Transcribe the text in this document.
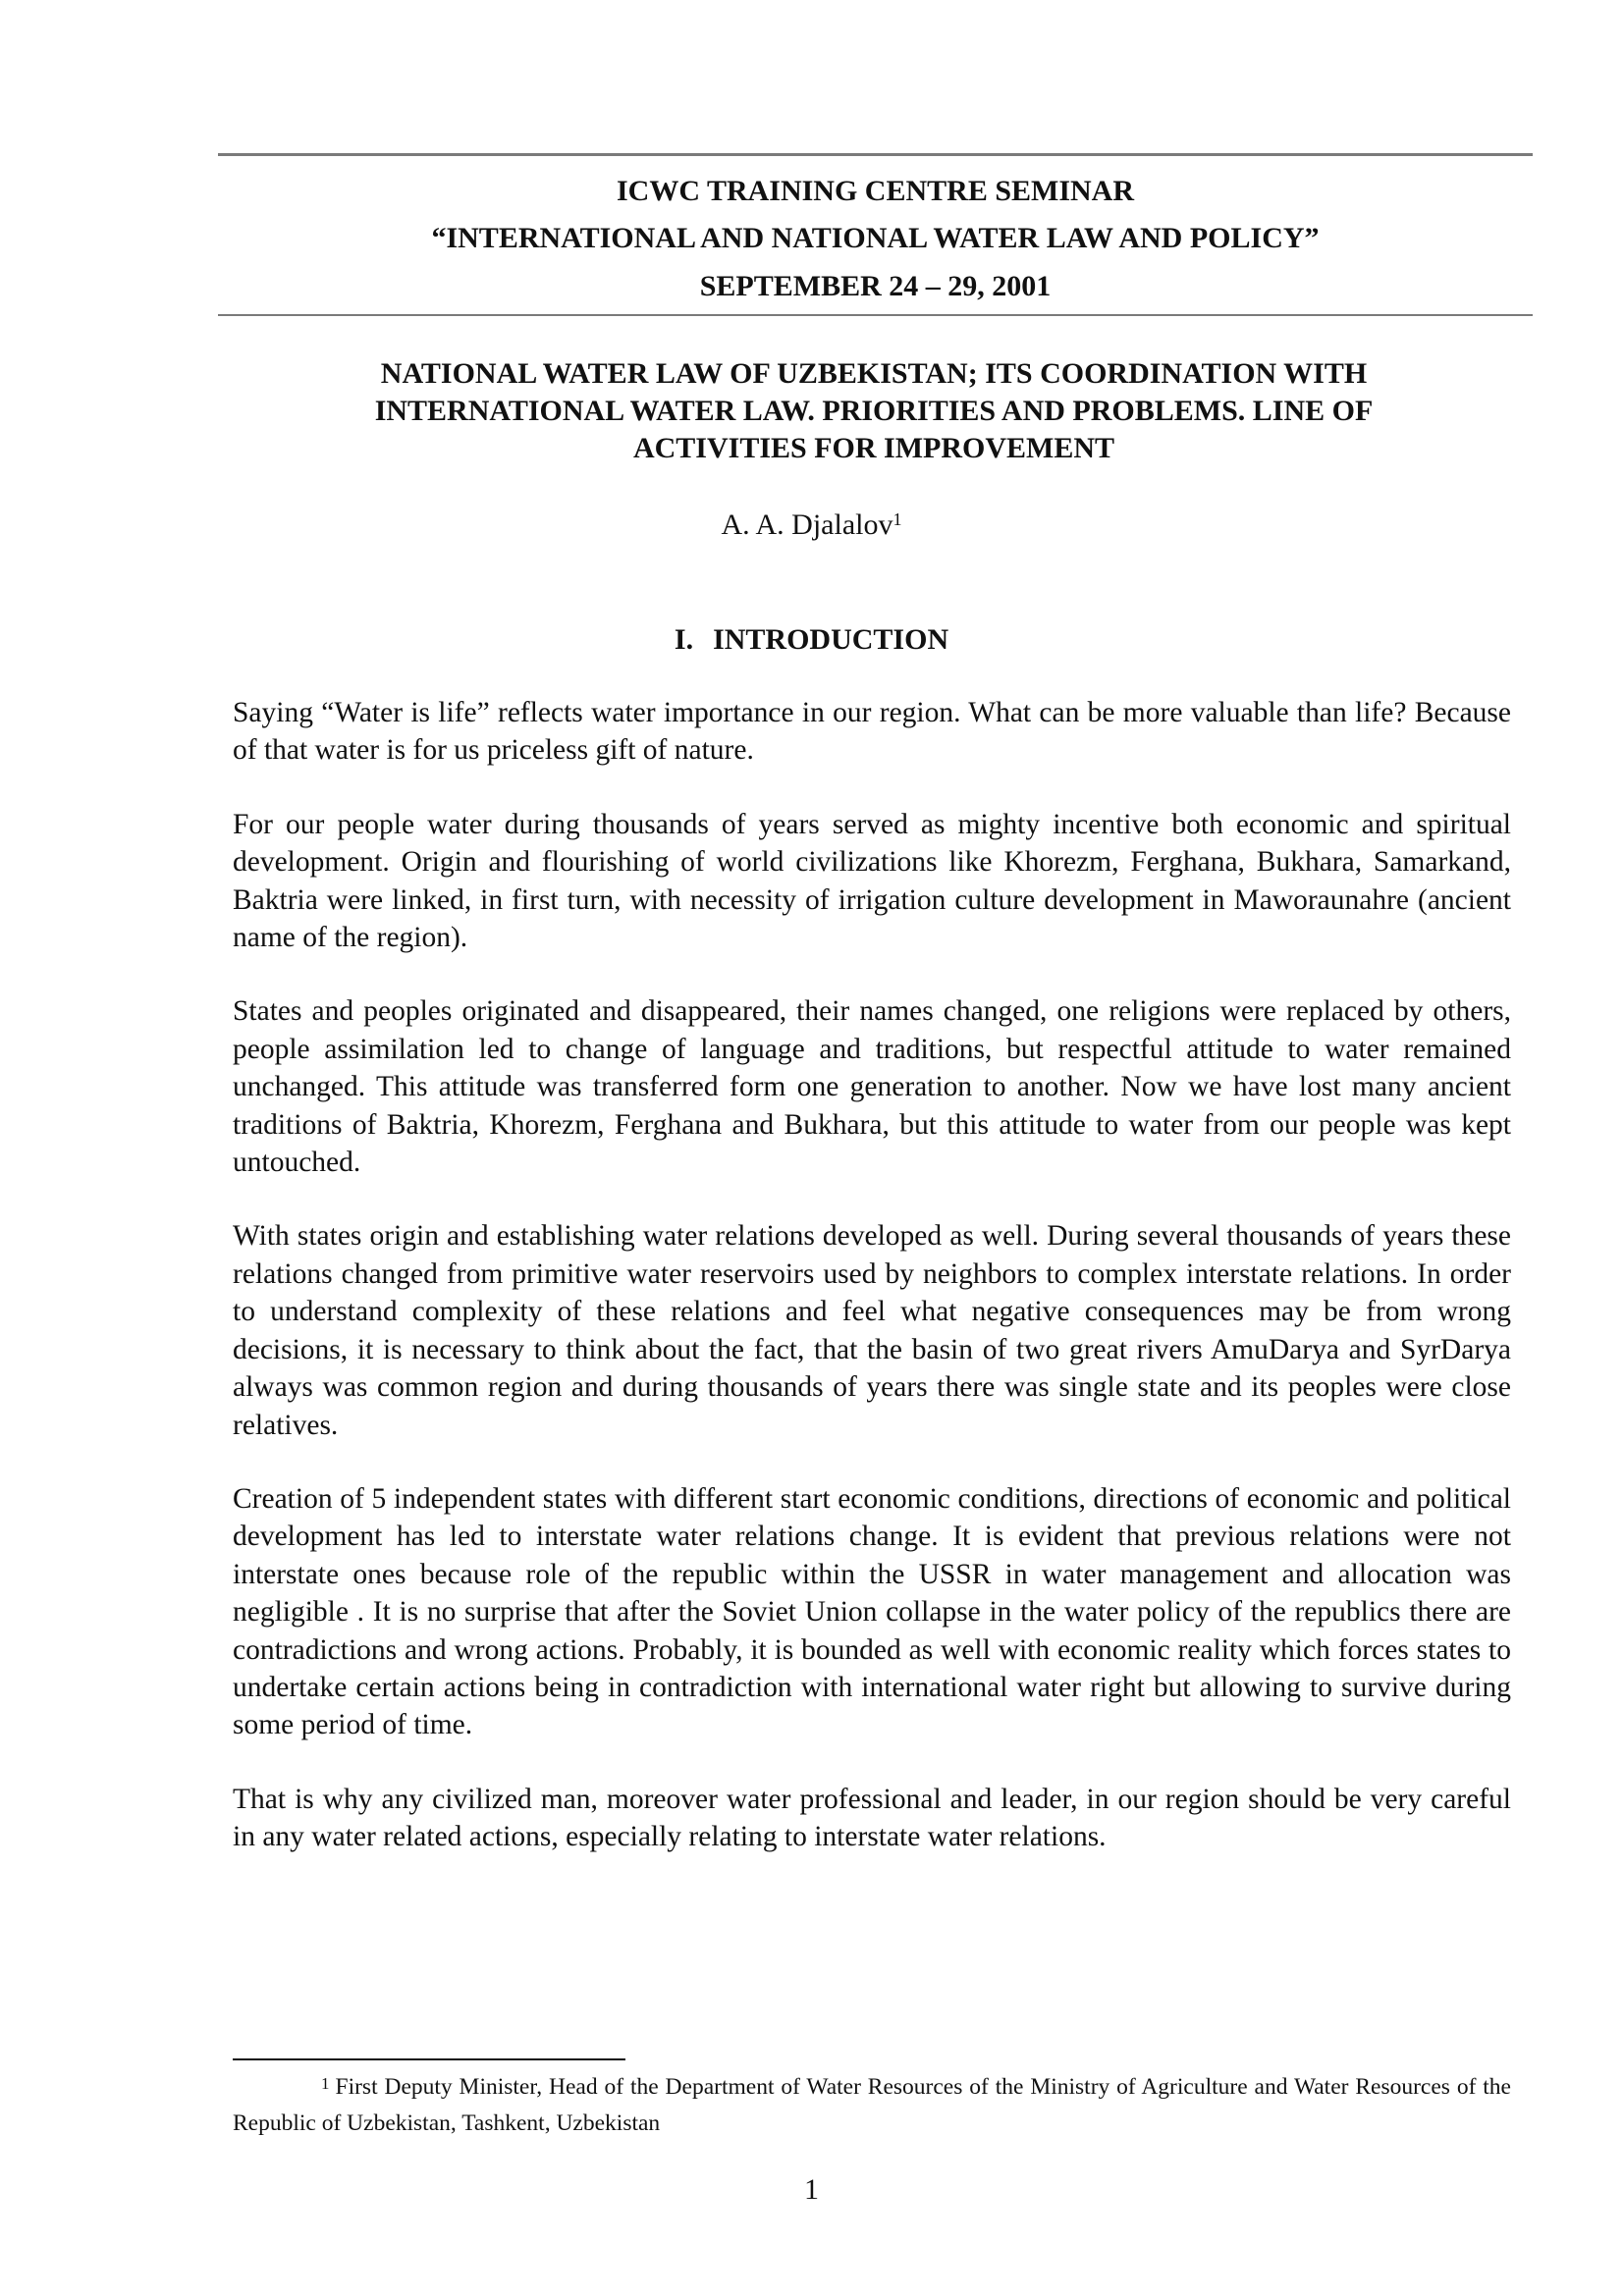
ICWC TRAINING CENTRE SEMINAR
“INTERNATIONAL AND NATIONAL WATER LAW AND POLICY”
SEPTEMBER 24 – 29, 2001
NATIONAL WATER LAW OF UZBEKISTAN; ITS COORDINATION WITH
INTERNATIONAL WATER LAW. PRIORITIES AND PROBLEMS. LINE OF
ACTIVITIES FOR IMPROVEMENT
A. A. Djalalov$^1$
I. INTRODUCTION

Saying “Water is life” reflects water importance in our region. What can be more valuable than life? Because of that water is for us priceless gift of nature.

For our people water during thousands of years served as mighty incentive both economic and spiritual development. Origin and flourishing of world civilizations like Khorezm, Ferghana, Bukhara, Samarkand, Baktria were linked, in first turn, with necessity of irrigation culture development in Maworaunahre (ancient name of the region).

States and peoples originated and disappeared, their names changed, one religions were replaced by others, people assimilation led to change of language and traditions, but respectful attitude to water remained unchanged. This attitude was transferred form one generation to another. Now we have lost many ancient traditions of Baktria, Khorezm, Ferghana and Bukhara, but this attitude to water from our people was kept untouched.

With states origin and establishing water relations developed as well. During several thousands of years these relations changed from primitive water reservoirs used by neighbors to complex interstate relations. In order to understand complexity of these relations and feel what negative consequences may be from wrong decisions, it is necessary to think about the fact, that the basin of two great rivers AmuDarya and SyrDarya always was common region and during thousands of years there was single state and its peoples were close relatives.

Creation of 5 independent states with different start economic conditions, directions of economic and political development has led to interstate water relations change. It is evident that previous relations were not interstate ones because role of the republic within the USSR in water management and allocation was negligible . It is no surprise that after the Soviet Union collapse in the water policy of the republics there are contradictions and wrong actions. Probably, it is bounded as well with economic reality which forces states to undertake certain actions being in contradiction with international water right but allowing to survive during some period of time.

That is why any civilized man, moreover water professional and leader, in our region should be very careful in any water related actions, especially relating to interstate water relations.

$^1$ First Deputy Minister, Head of the Department of Water Resources of the Ministry of Agriculture and Water Resources of the Republic of Uzbekistan, Tashkent, Uzbekistan
1
